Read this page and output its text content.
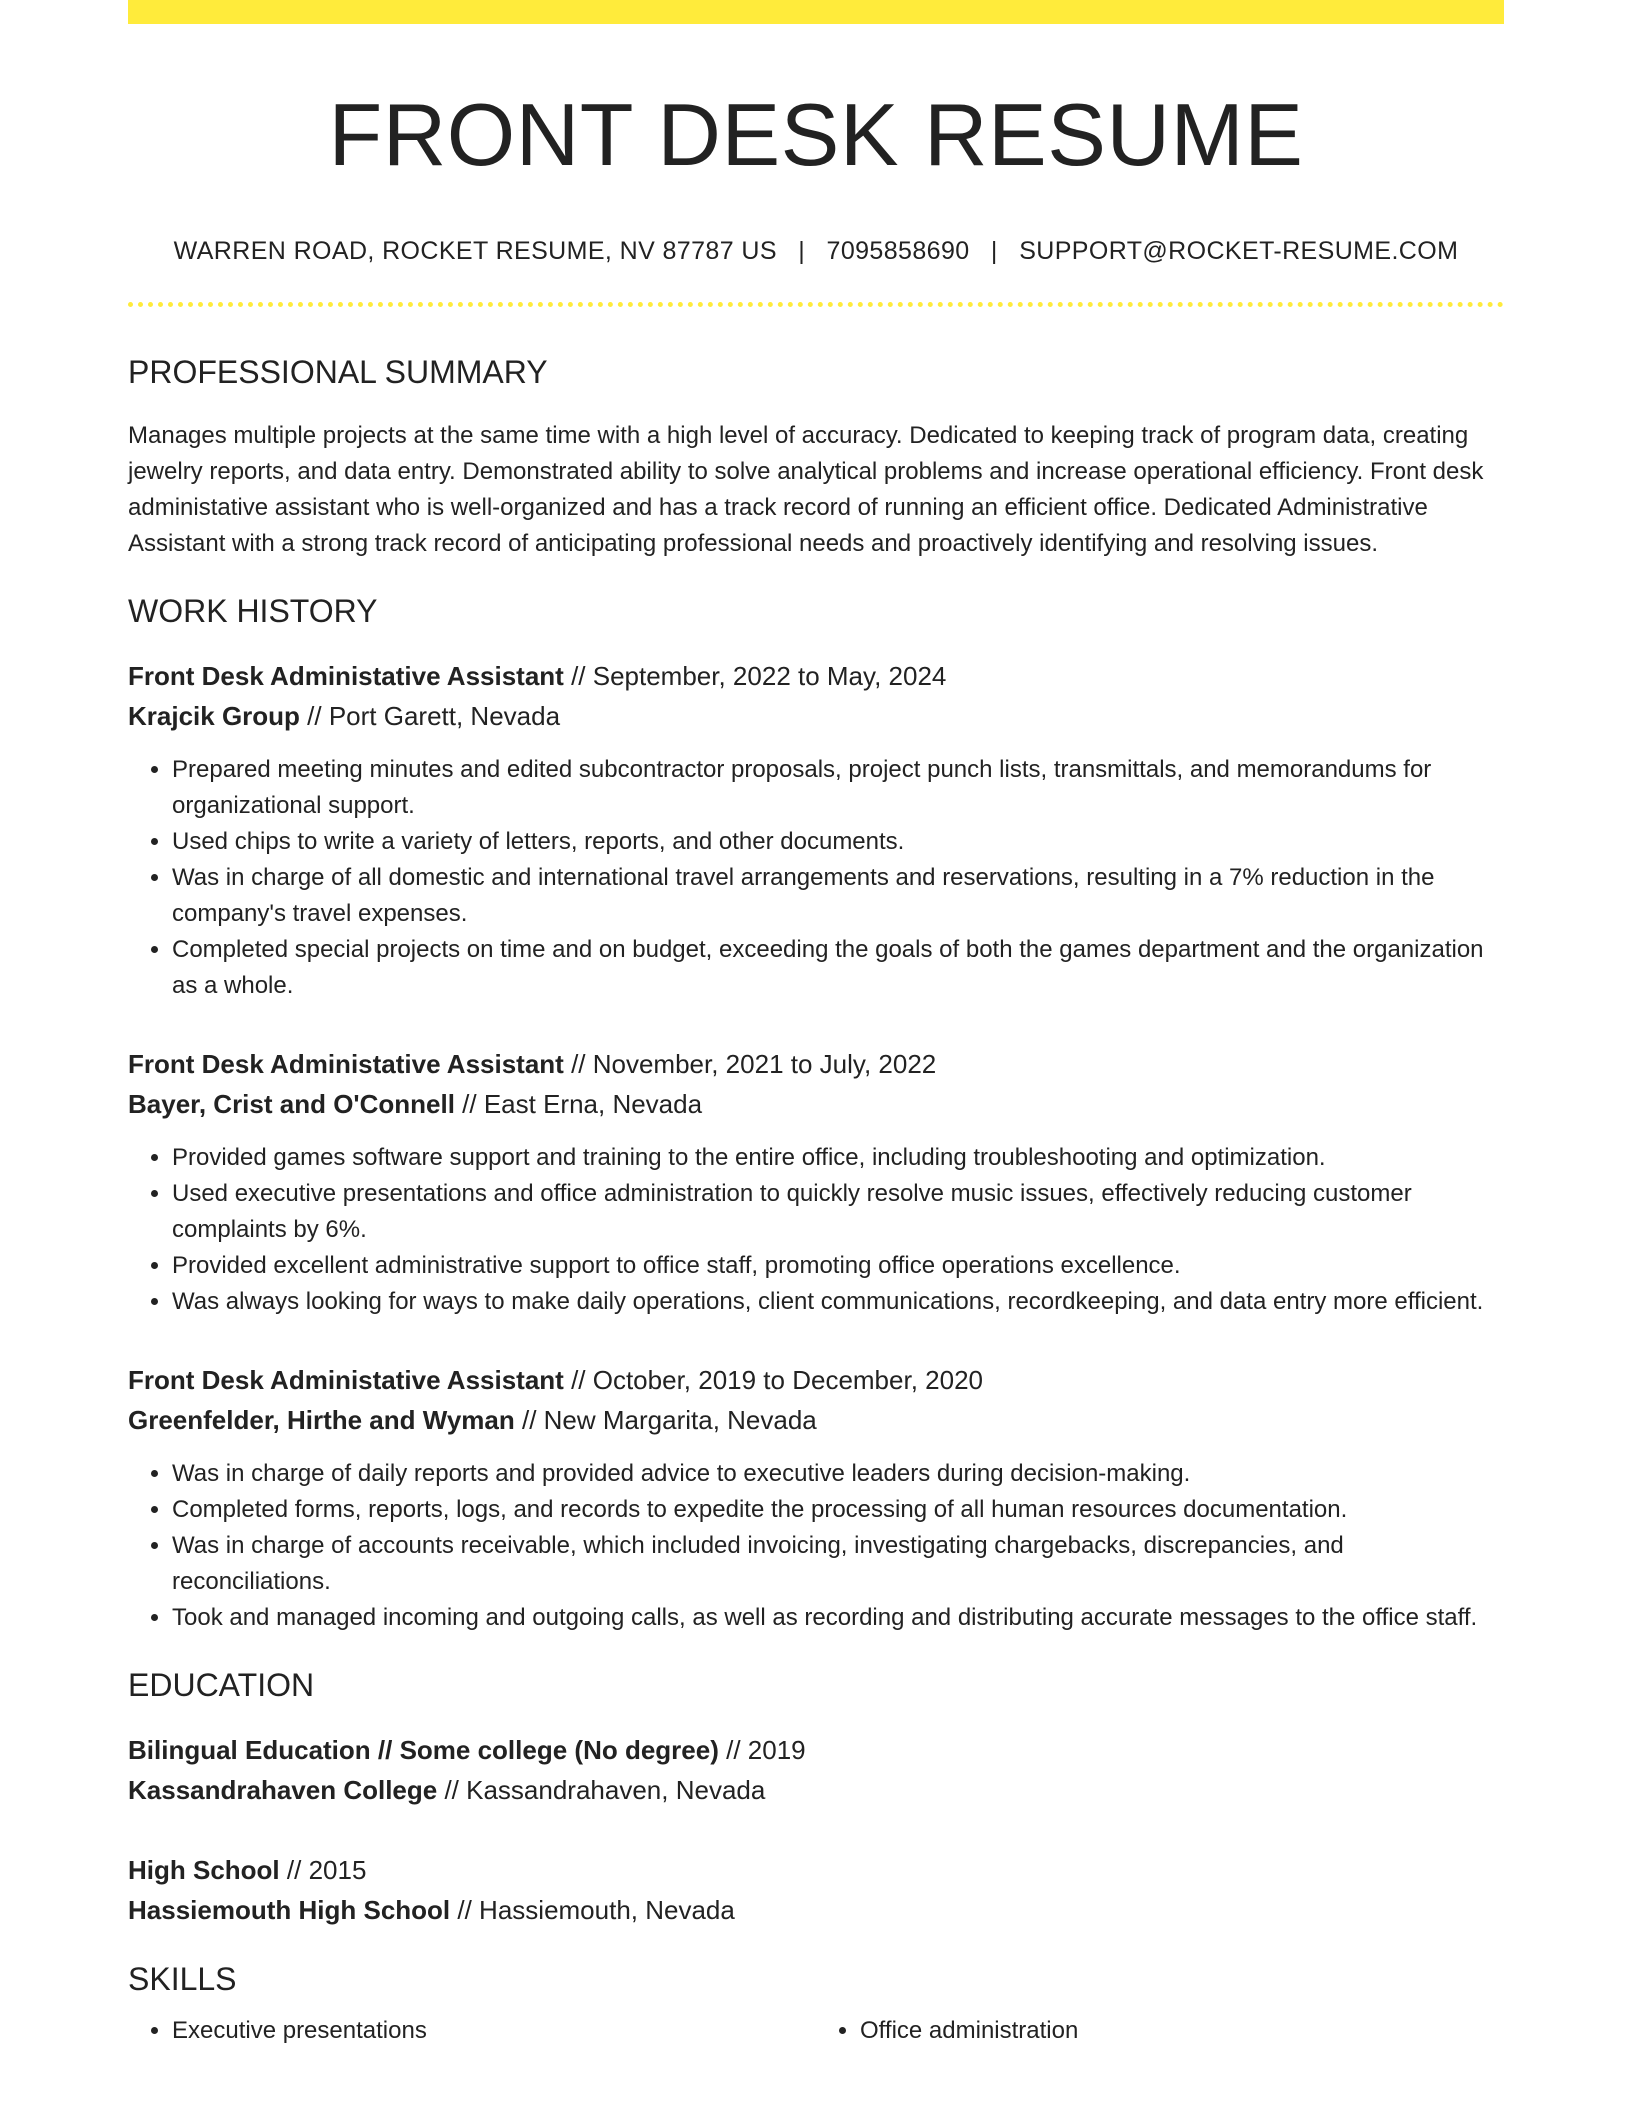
FRONT DESK RESUME
WARREN ROAD, ROCKET RESUME, NV 87787 US | 7095858690 | SUPPORT@ROCKET-RESUME.COM
PROFESSIONAL SUMMARY

Manages multiple projects at the same time with a high level of accuracy. Dedicated to keeping track of program data, creating jewelry reports, and data entry. Demonstrated ability to solve analytical problems and increase operational efficiency. Front desk administative assistant who is well-organized and has a track record of running an efficient office. Dedicated Administrative Assistant with a strong track record of anticipating professional needs and proactively identifying and resolving issues.

WORK HISTORY
Front Desk Administative Assistant // September, 2022 to May, 2024
Krajcik Group // Port Garett, Nevada
• Prepared meeting minutes and edited subcontractor proposals, project punch lists, transmittals, and memorandums for organizational support.
• Used chips to write a variety of letters, reports, and other documents.
• Was in charge of all domestic and international travel arrangements and reservations, resulting in a 7% reduction in the company's travel expenses.
• Completed special projects on time and on budget, exceeding the goals of both the games department and the organization as a whole.
Front Desk Administative Assistant // November, 2021 to July, 2022
Bayer, Crist and O'Connell // East Erna, Nevada
• Provided games software support and training to the entire office, including troubleshooting and optimization.
• Used executive presentations and office administration to quickly resolve music issues, effectively reducing customer complaints by 6%.
• Provided excellent administrative support to office staff, promoting office operations excellence.
• Was always looking for ways to make daily operations, client communications, recordkeeping, and data entry more efficient.
Front Desk Administative Assistant // October, 2019 to December, 2020
Greenfelder, Hirthe and Wyman // New Margarita, Nevada
• Was in charge of daily reports and provided advice to executive leaders during decision-making.
• Completed forms, reports, logs, and records to expedite the processing of all human resources documentation.
• Was in charge of accounts receivable, which included invoicing, investigating chargebacks, discrepancies, and reconciliations.
• Took and managed incoming and outgoing calls, as well as recording and distributing accurate messages to the office staff.
EDUCATION
Bilingual Education // Some college (No degree) // 2019
Kassandrahaven College // Kassandrahaven, Nevada
High School // 2015
Hassiemouth High School // Hassiemouth, Nevada
SKILLS
• Executive presentations
•	Office administration
